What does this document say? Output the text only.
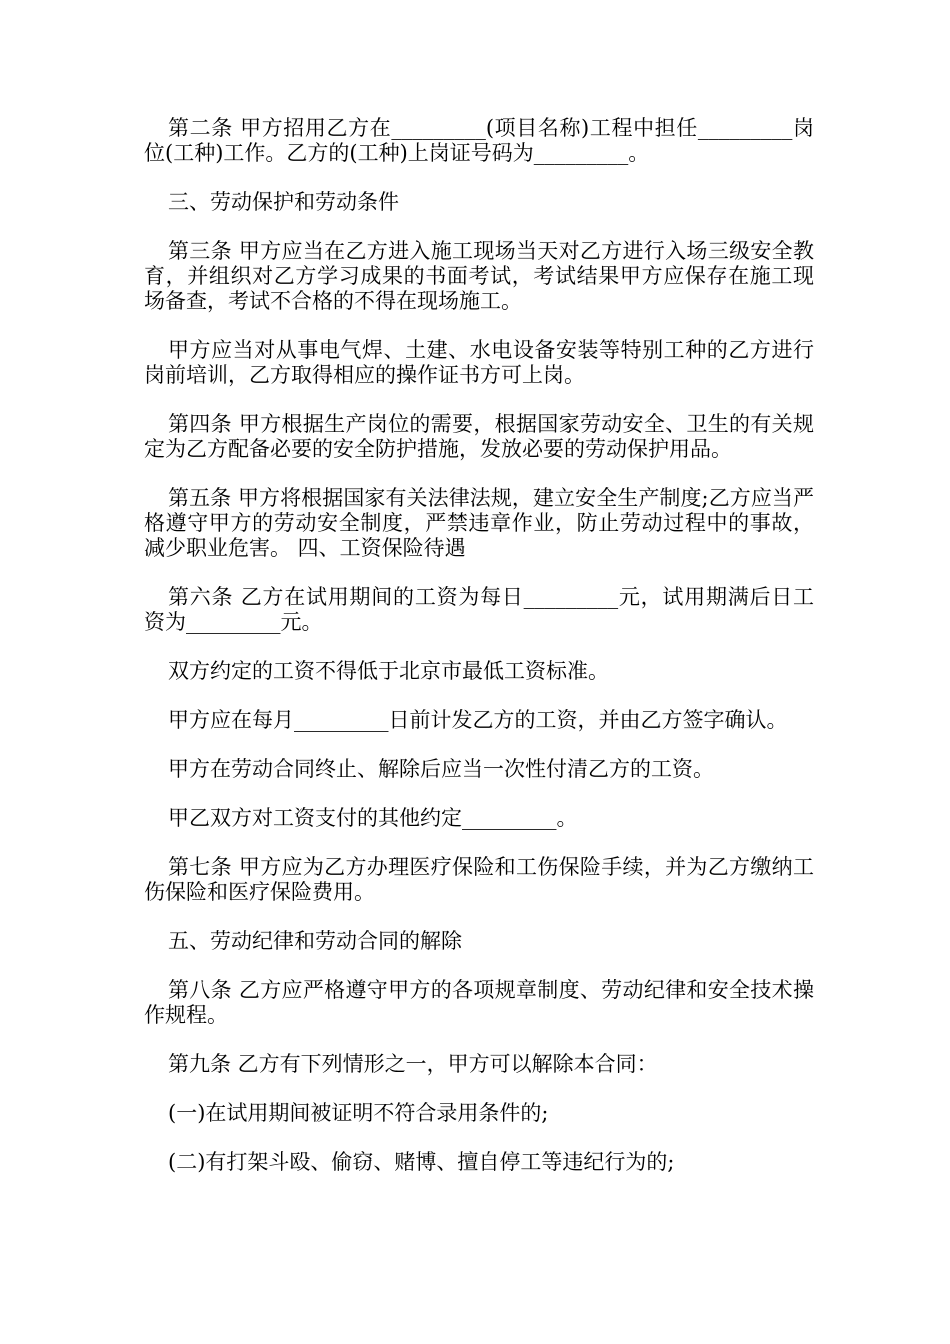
第二条 甲方招用乙方在_________(项目名称)工程中担任_________岗位(工种)工作。乙方的(工种)上岗证号码为_________。

三、劳动保护和劳动条件

第三条 甲方应当在乙方进入施工现场当天对乙方进行入场三级安全教育，并组织对乙方学习成果的书面考试，考试结果甲方应保存在施工现场备查，考试不合格的不得在现场施工。

甲方应当对从事电气焊、土建、水电设备安装等特别工种的乙方进行岗前培训，乙方取得相应的操作证书方可上岗。

第四条 甲方根据生产岗位的需要，根据国家劳动安全、卫生的有关规定为乙方配备必要的安全防护措施，发放必要的劳动保护用品。

第五条 甲方将根据国家有关法律法规，建立安全生产制度;乙方应当严格遵守甲方的劳动安全制度，严禁违章作业，防止劳动过程中的事故，减少职业危害。 四、工资保险待遇

第六条 乙方在试用期间的工资为每日_________元，试用期满后日工资为_________元。

双方约定的工资不得低于北京市最低工资标准。

甲方应在每月_________日前计发乙方的工资，并由乙方签字确认。

甲方在劳动合同终止、解除后应当一次性付清乙方的工资。

甲乙双方对工资支付的其他约定_________。

第七条 甲方应为乙方办理医疗保险和工伤保险手续，并为乙方缴纳工伤保险和医疗保险费用。

五、劳动纪律和劳动合同的解除

第八条 乙方应严格遵守甲方的各项规章制度、劳动纪律和安全技术操作规程。

第九条 乙方有下列情形之一，甲方可以解除本合同：

(一)在试用期间被证明不符合录用条件的;

(二)有打架斗殴、偷窃、赌博、擅自停工等违纪行为的;
